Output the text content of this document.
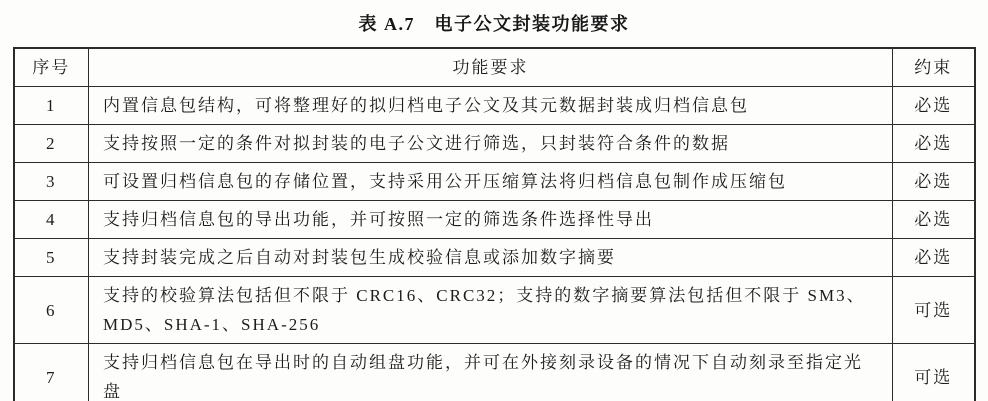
表 A.7　电子公文封装功能要求
序号	功能要求	约束
1	内置信息包结构，可将整理好的拟归档电子公文及其元数据封装成归档信息包	必选
2	支持按照一定的条件对拟封装的电子公文进行筛选，只封装符合条件的数据	必选
3	可设置归档信息包的存储位置，支持采用公开压缩算法将归档信息包制作成压缩包	必选
4	支持归档信息包的导出功能，并可按照一定的筛选条件选择性导出	必选
5	支持封装完成之后自动对封装包生成校验信息或添加数字摘要	必选
6	支持的校验算法包括但不限于 CRC16、CRC32；支持的数字摘要算法包括但不限于 SM3、MD5、SHA-1、SHA-256	可选
7	支持归档信息包在导出时的自动组盘功能，并可在外接刻录设备的情况下自动刻录至指定光盘	可选
